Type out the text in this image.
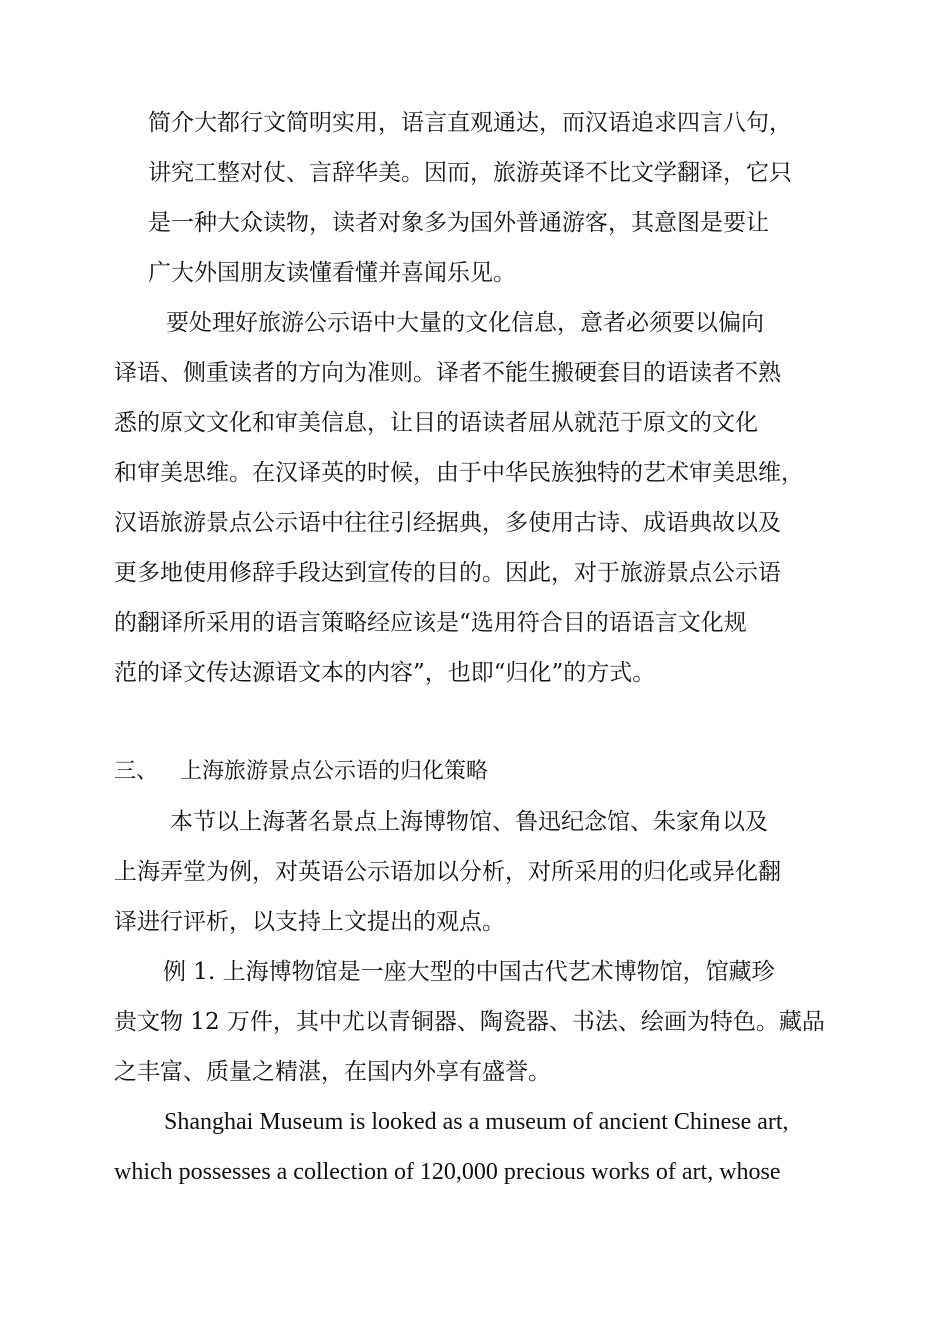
简介大都行文简明实用，语言直观通达，而汉语追求四言八句，
讲究工整对仗、言辞华美。因而，旅游英译不比文学翻译，它只
是一种大众读物，读者对象多为国外普通游客，其意图是要让
广大外国朋友读懂看懂并喜闻乐见。
要处理好旅游公示语中大量的文化信息，意者必须要以偏向
译语、侧重读者的方向为准则。译者不能生搬硬套目的语读者不熟
悉的原文文化和审美信息，让目的语读者屈从就范于原文的文化
和审美思维。在汉译英的时候，由于中华民族独特的艺术审美思维，
汉语旅游景点公示语中往往引经据典，多使用古诗、成语典故以及
更多地使用修辞手段达到宣传的目的。因此，对于旅游景点公示语
的翻译所采用的语言策略经应该是“选用符合目的语语言文化规
范的译文传达源语文本的内容”，也即“归化”的方式。
三、 上海旅游景点公示语的归化策略
本节以上海著名景点上海博物馆、鲁迅纪念馆、朱家角以及
上海弄堂为例，对英语公示语加以分析，对所采用的归化或异化翻
译进行评析，以支持上文提出的观点。
例 1. 上海博物馆是一座大型的中国古代艺术博物馆，馆藏珍
贵文物 12 万件，其中尤以青铜器、陶瓷器、书法、绘画为特色。藏品
之丰富、质量之精湛，在国内外享有盛誉。
Shanghai Museum is looked as a museum of ancient Chinese art,
which possesses a collection of 120,000 precious works of art, whose
